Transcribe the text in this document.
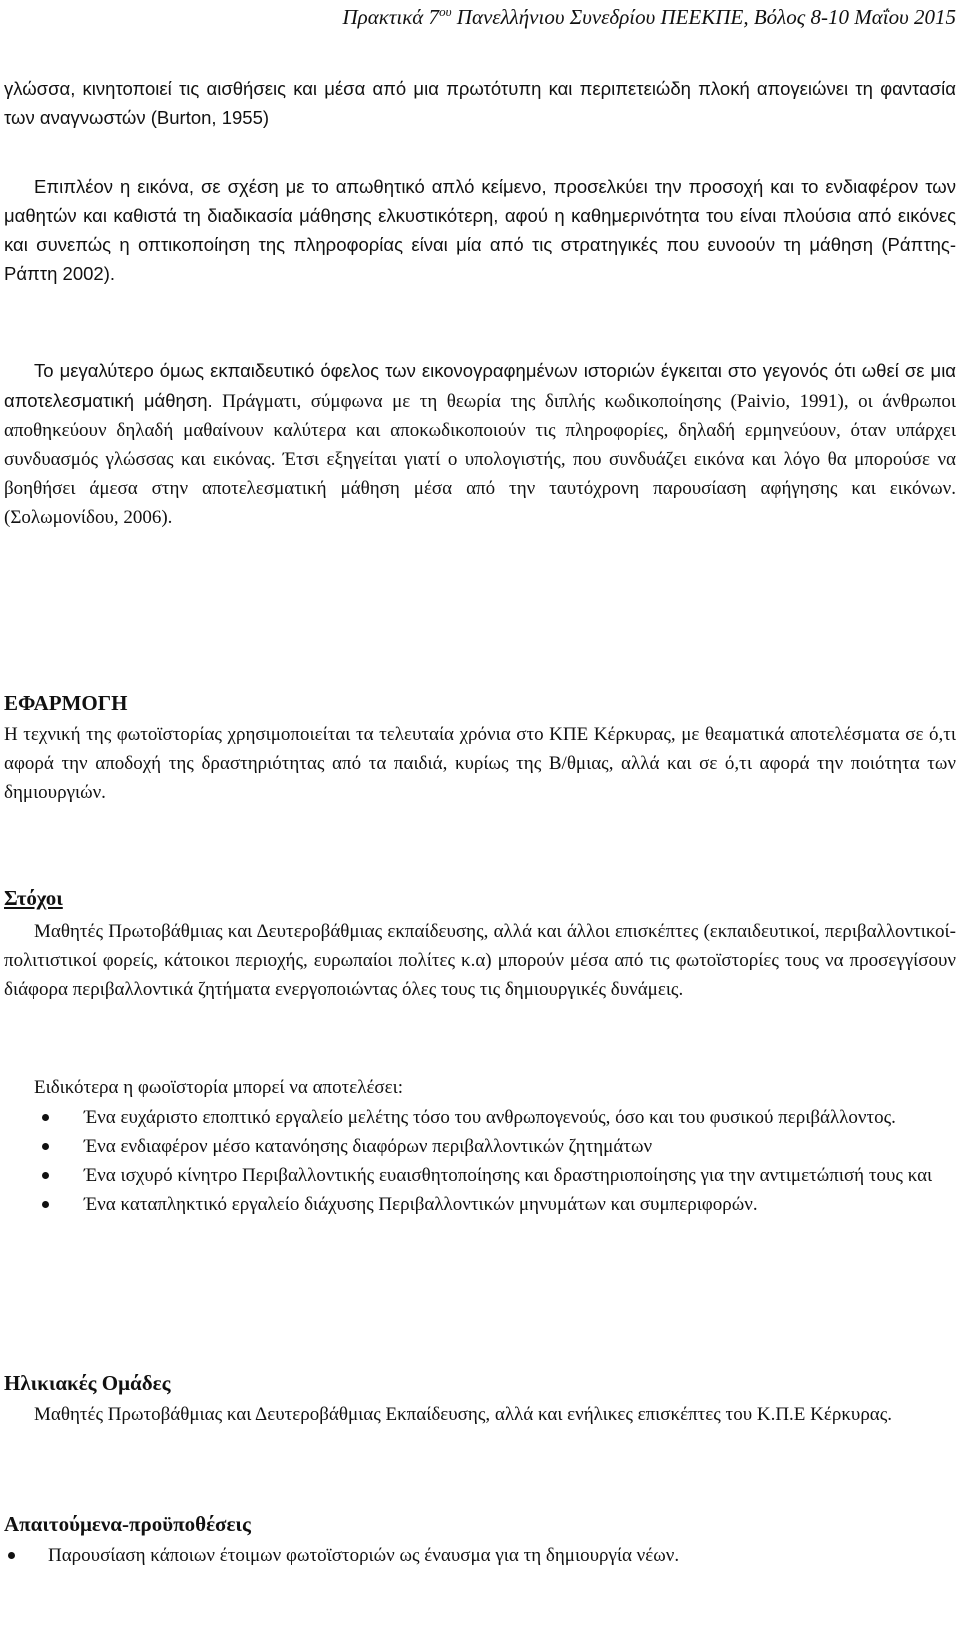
Πρακτικά $7^{o\upsilon}$ Πανελλήνιου Συνεδρίου ΠΕΕΚΠΕ, Βόλος 8-10 Μαΐου 2015

γλώσσα, κινητοποιεί τις αισθήσεις και μέσα από μια πρωτότυπη και περιπετειώδη πλοκή απογειώνει τη φαντασία των αναγνωστών (Burton, 1955)

Επιπλέον η εικόνα, σε σχέση με το απωθητικό απλό κείμενο, προσελκύει την προσοχή και το ενδιαφέρον των μαθητών και καθιστά τη διαδικασία μάθησης ελκυστικότερη, αφού η καθημερινότητα του είναι πλούσια από εικόνες και συνεπώς η οπτικοποίηση της πληροφορίας είναι μία από τις στρατηγικές που ευνοούν τη μάθηση (Ράπτης-Ράπτη 2002).

Το μεγαλύτερο όμως εκπαιδευτικό όφελος των εικονογραφημένων ιστοριών έγκειται στο γεγονός ότι ωθεί σε μια αποτελεσματική μάθηση. Πράγματι, σύμφωνα με τη θεωρία της διπλής κωδικοποίησης (Paivio, 1991), οι άνθρωποι αποθηκεύουν δηλαδή μαθαίνουν καλύτερα και αποκωδικοποιούν τις πληροφορίες, δηλαδή ερμηνεύουν, όταν υπάρχει συνδυασμός γλώσσας και εικόνας. Έτσι εξηγείται γιατί ο υπολογιστής, που συνδυάζει εικόνα και λόγο θα μπορούσε να βοηθήσει άμεσα στην αποτελεσματική μάθηση μέσα από την ταυτόχρονη παρουσίαση αφήγησης και εικόνων. (Σολωμονίδου, 2006).

ΕΦΑΡΜΟΓΗ

Η τεχνική της φωτοϊστορίας χρησιμοποιείται τα τελευταία χρόνια στο ΚΠΕ Κέρκυρας, με θεαματικά αποτελέσματα σε ό,τι αφορά την αποδοχή της δραστηριότητας από τα παιδιά, κυρίως της Β/θμιας, αλλά και σε ό,τι αφορά την ποιότητα των δημιουργιών.

Στόχοι

Μαθητές Πρωτοβάθμιας και Δευτεροβάθμιας εκπαίδευσης, αλλά και άλλοι επισκέπτες (εκπαιδευτικοί, περιβαλλοντικοί- πολιτιστικοί φορείς, κάτοικοι περιοχής, ευρωπαίοι πολίτες κ.α) μπορούν μέσα από τις φωτοϊστορίες τους να προσεγγίσουν διάφορα περιβαλλοντικά ζητήματα ενεργοποιώντας όλες τους τις δημιουργικές δυνάμεις.

Ειδικότερα η φωοϊστορία μπορεί να αποτελέσει:

Ένα ευχάριστο εποπτικό εργαλείο μελέτης τόσο του ανθρωπογενούς, όσο και του φυσικού περιβάλλοντος.
Ένα ενδιαφέρον μέσο κατανόησης διαφόρων περιβαλλοντικών ζητημάτων
Ένα ισχυρό κίνητρο Περιβαλλοντικής ευαισθητοποίησης και δραστηριοποίησης για την αντιμετώπισή τους και
Ένα καταπληκτικό εργαλείο διάχυσης Περιβαλλοντικών μηνυμάτων και συμπεριφορών.
Ηλικιακές Ομάδες

Μαθητές Πρωτοβάθμιας και Δευτεροβάθμιας Εκπαίδευσης, αλλά και ενήλικες επισκέπτες του Κ.Π.Ε Κέρκυρας.

Απαιτούμενα-προϋποθέσεις
Παρουσίαση κάποιων έτοιμων φωτοϊστοριών ως έναυσμα για τη δημιουργία νέων.
